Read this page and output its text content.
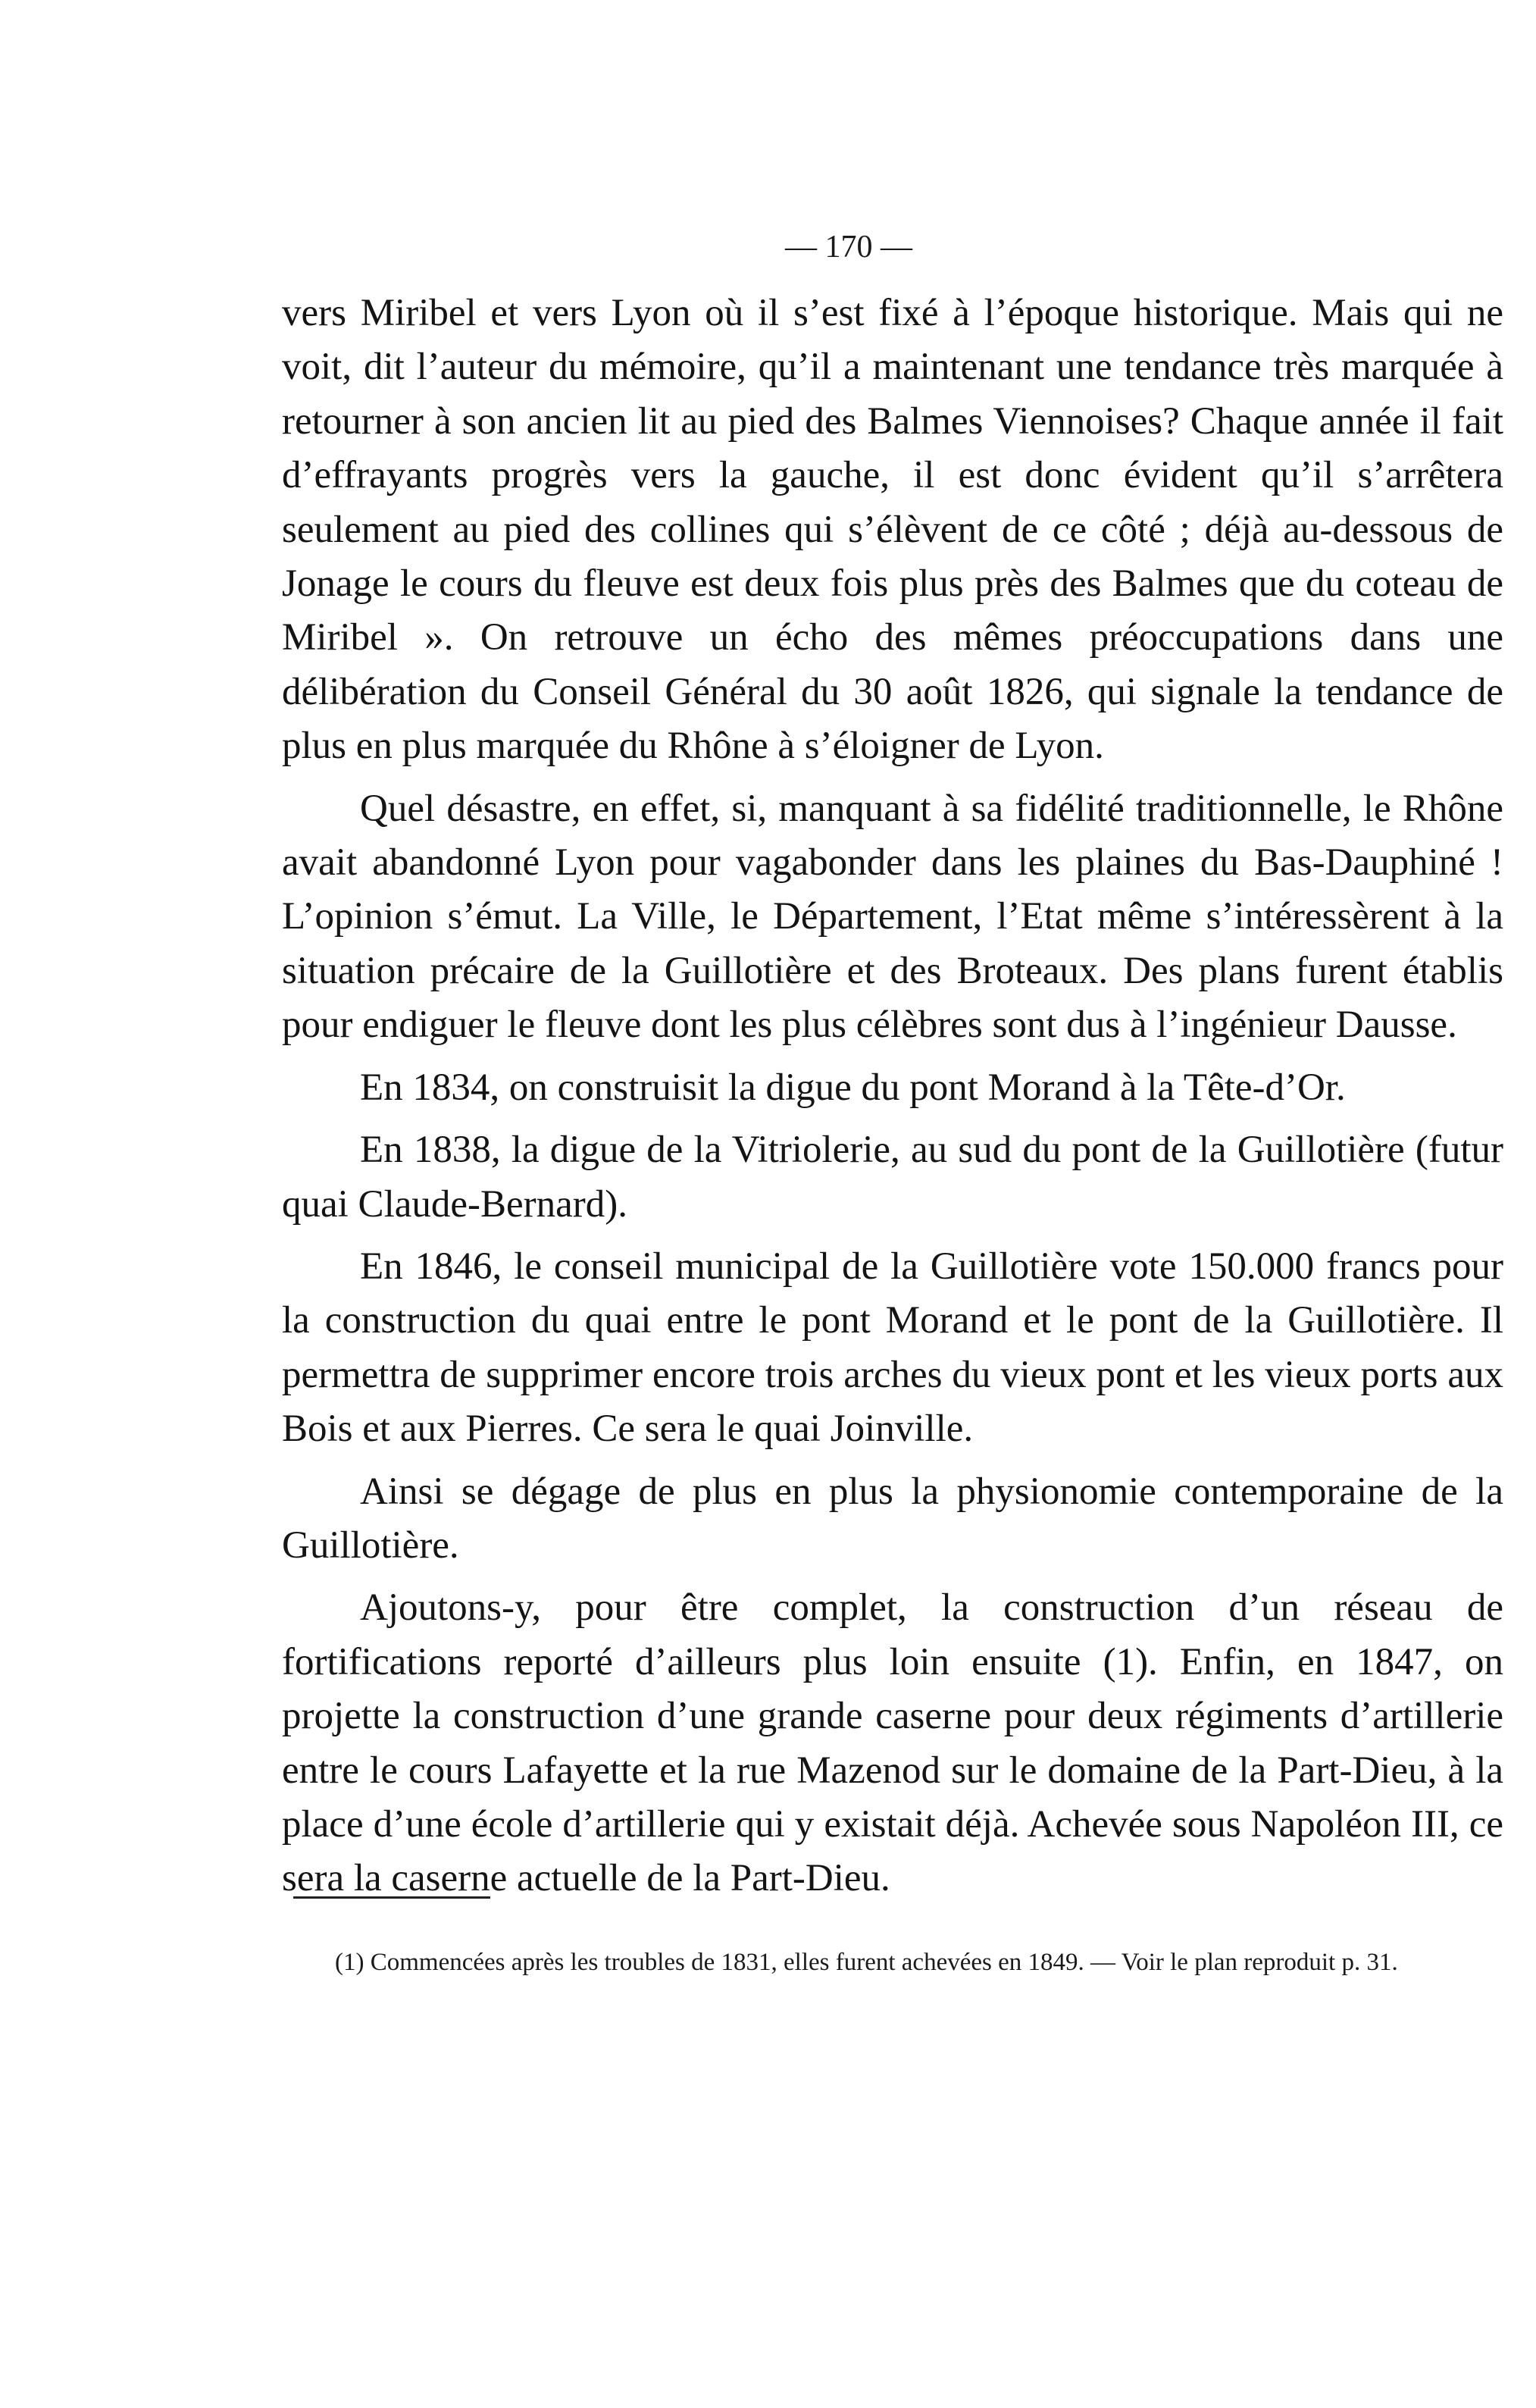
— 170 —

vers Miribel et vers Lyon où il s’est fixé à l’époque historique. Mais qui ne voit, dit l’auteur du mémoire, qu’il a maintenant une tendance très marquée à retourner à son ancien lit au pied des Balmes Viennoises? Chaque année il fait d’effrayants progrès vers la gauche, il est donc évident qu’il s’arrêtera seulement au pied des collines qui s’élèvent de ce côté ; déjà au-dessous de Jonage le cours du fleuve est deux fois plus près des Balmes que du coteau de Miribel ». On retrouve un écho des mêmes préoccupations dans une délibération du Conseil Général du 30 août 1826, qui signale la tendance de plus en plus marquée du Rhône à s’éloigner de Lyon.

Quel désastre, en effet, si, manquant à sa fidélité traditionnelle, le Rhône avait abandonné Lyon pour vagabonder dans les plaines du Bas-Dauphiné ! L’opinion s’émut. La Ville, le Département, l’Etat même s’intéressèrent à la situation précaire de la Guillotière et des Broteaux. Des plans furent établis pour endiguer le fleuve dont les plus célèbres sont dus à l’ingénieur Dausse.

En 1834, on construisit la digue du pont Morand à la Tête-d’Or.

En 1838, la digue de la Vitriolerie, au sud du pont de la Guillotière (futur quai Claude-Bernard).

En 1846, le conseil municipal de la Guillotière vote 150.000 francs pour la construction du quai entre le pont Morand et le pont de la Guillotière. Il permettra de supprimer encore trois arches du vieux pont et les vieux ports aux Bois et aux Pierres. Ce sera le quai Joinville.

Ainsi se dégage de plus en plus la physionomie contemporaine de la Guillotière.

Ajoutons-y, pour être complet, la construction d’un réseau de fortifications reporté d’ailleurs plus loin ensuite (1). Enfin, en 1847, on projette la construction d’une grande caserne pour deux régiments d’artillerie entre le cours Lafayette et la rue Mazenod sur le domaine de la Part-Dieu, à la place d’une école d’artillerie qui y existait déjà. Achevée sous Napoléon III, ce sera la caserne actuelle de la Part-Dieu.

(1) Commencées après les troubles de 1831, elles furent achevées en 1849. — Voir le plan reproduit p. 31.
